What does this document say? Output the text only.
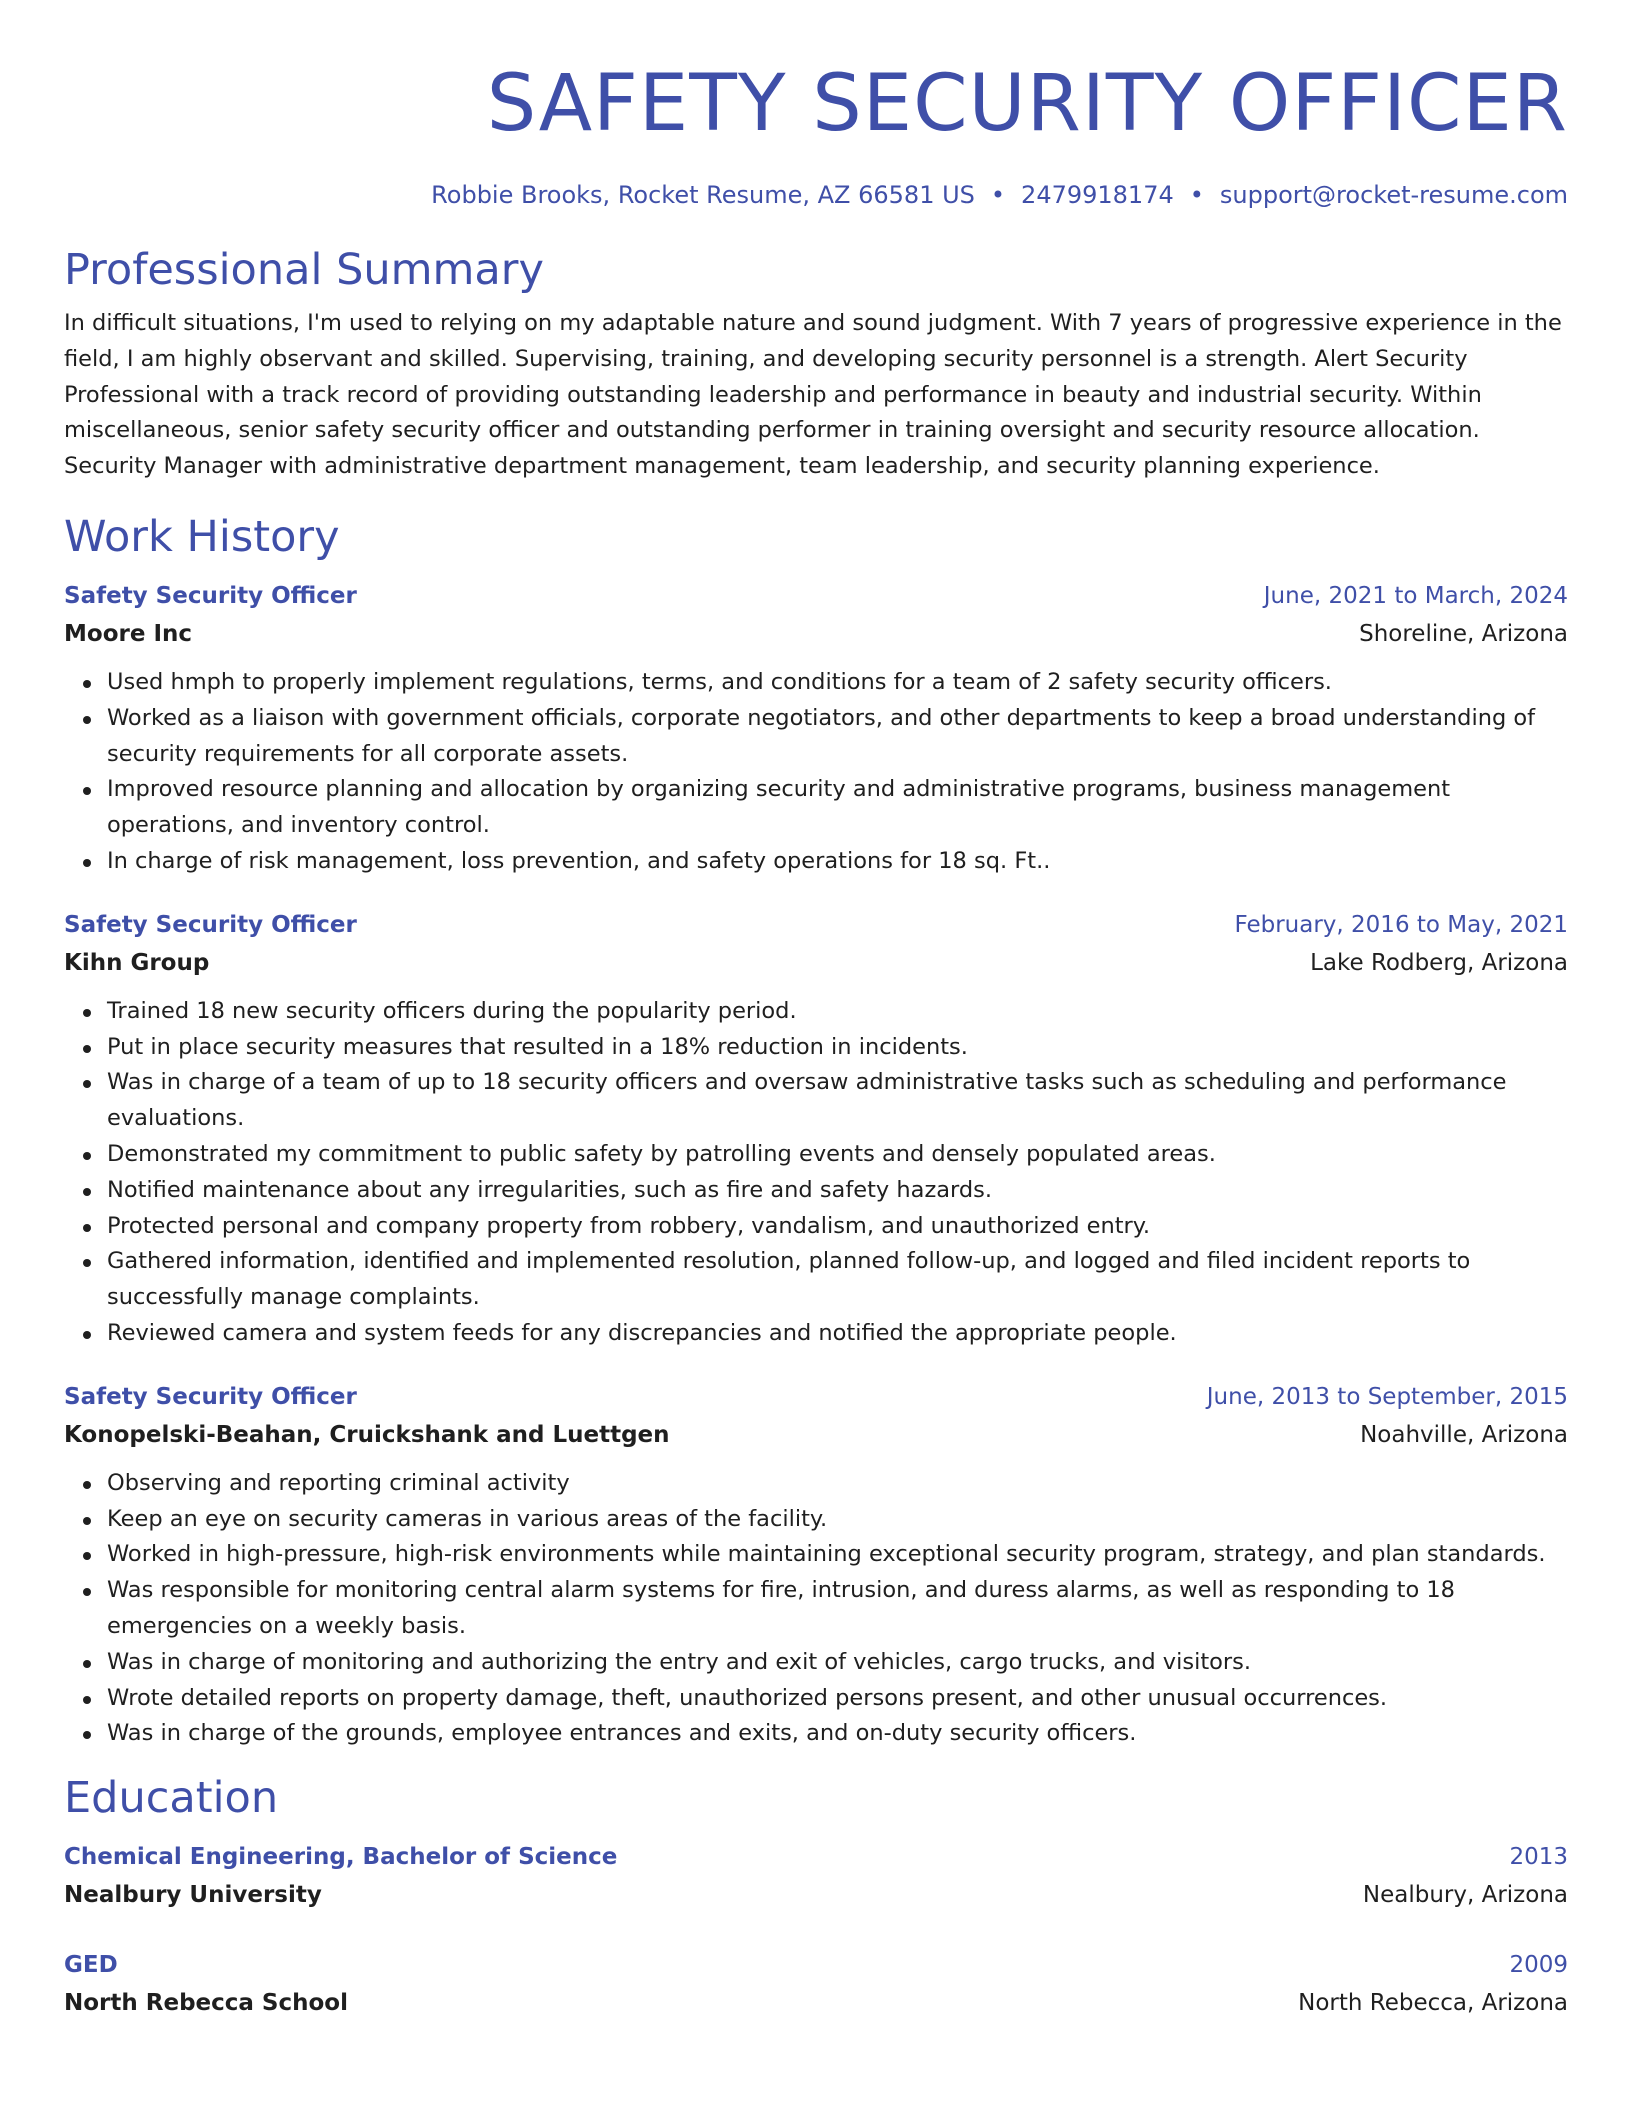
SAFETY SECURITY OFFICER
Robbie Brooks, Rocket Resume, AZ 66581 US • 2479918174 • support@rocket-resume.com
Professional Summary
In difficult situations, I'm used to relying on my adaptable nature and sound judgment. With 7 years of progressive experience in the field, I am highly observant and skilled. Supervising, training, and developing security personnel is a strength. Alert Security Professional with a track record of providing outstanding leadership and performance in beauty and industrial security. Within miscellaneous, senior safety security officer and outstanding performer in training oversight and security resource allocation. Security Manager with administrative department management, team leadership, and security planning experience.
Work History
Safety Security Officer	June, 2021 to March, 2024
Moore Inc	Shoreline, Arizona
Used hmph to properly implement regulations, terms, and conditions for a team of 2 safety security officers.
Worked as a liaison with government officials, corporate negotiators, and other departments to keep a broad understanding of security requirements for all corporate assets.
Improved resource planning and allocation by organizing security and administrative programs, business management operations, and inventory control.
In charge of risk management, loss prevention, and safety operations for 18 sq. Ft..
Safety Security Officer	February, 2016 to May, 2021
Kihn Group	Lake Rodberg, Arizona
Trained 18 new security officers during the popularity period.
Put in place security measures that resulted in a 18% reduction in incidents.
Was in charge of a team of up to 18 security officers and oversaw administrative tasks such as scheduling and performance evaluations.
Demonstrated my commitment to public safety by patrolling events and densely populated areas.
Notified maintenance about any irregularities, such as fire and safety hazards.
Protected personal and company property from robbery, vandalism, and unauthorized entry.
Gathered information, identified and implemented resolution, planned follow-up, and logged and filed incident reports to successfully manage complaints.
Reviewed camera and system feeds for any discrepancies and notified the appropriate people.
Safety Security Officer	June, 2013 to September, 2015
Konopelski-Beahan, Cruickshank and Luettgen	Noahville, Arizona
Observing and reporting criminal activity
Keep an eye on security cameras in various areas of the facility.
Worked in high-pressure, high-risk environments while maintaining exceptional security program, strategy, and plan standards.
Was responsible for monitoring central alarm systems for fire, intrusion, and duress alarms, as well as responding to 18 emergencies on a weekly basis.
Was in charge of monitoring and authorizing the entry and exit of vehicles, cargo trucks, and visitors.
Wrote detailed reports on property damage, theft, unauthorized persons present, and other unusual occurrences.
Was in charge of the grounds, employee entrances and exits, and on-duty security officers.
Education
Chemical Engineering, Bachelor of Science	2013
Nealbury University	Nealbury, Arizona
GED	2009
North Rebecca School	North Rebecca, Arizona
